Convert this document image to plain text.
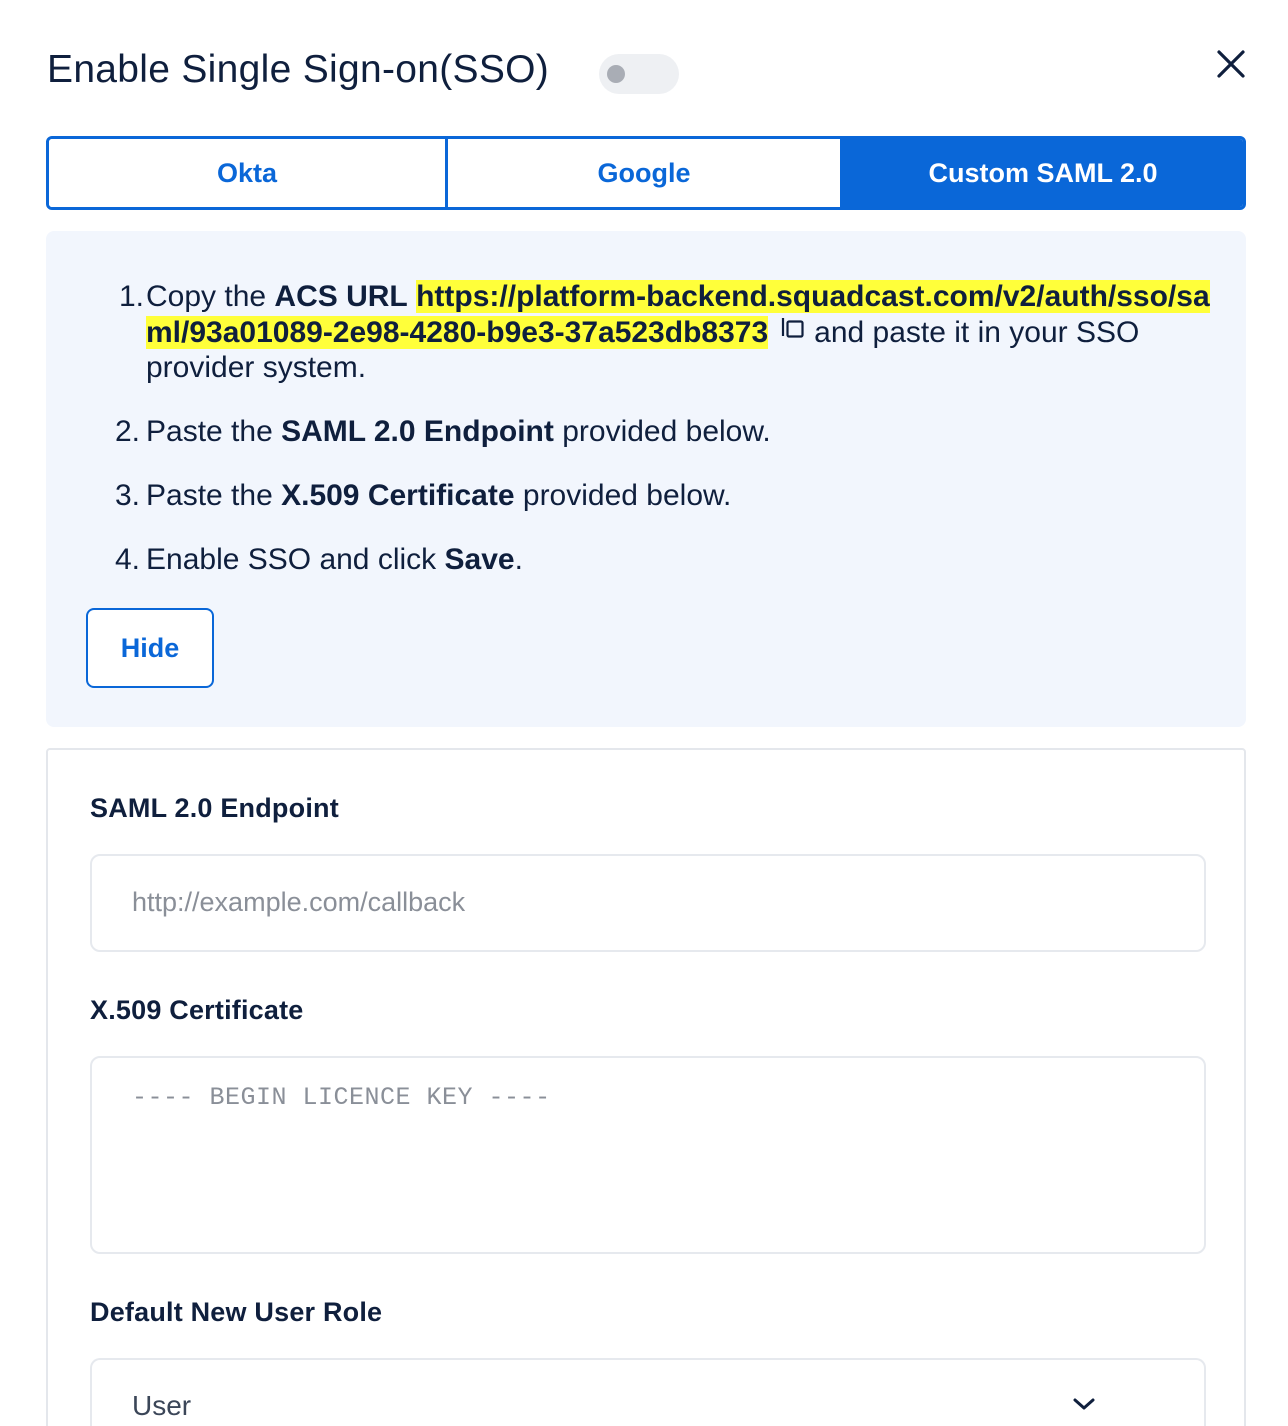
Enable Single Sign-on(SSO)
Okta	Google	Custom SAML 2.0
1. Copy the ACS URL https://platform-backend.squadcast.com/v2/auth/sso/saml/93a01089-2e98-4280-b9e3-37a523db8373 and paste it in your SSO provider system.
2. Paste the SAML 2.0 Endpoint provided below.
3. Paste the X.509 Certificate provided below.
4. Enable SSO and click Save.
Hide
SAML 2.0 Endpoint
http://example.com/callback
X.509 Certificate
---- BEGIN LICENCE KEY ----
Default New User Role
User
